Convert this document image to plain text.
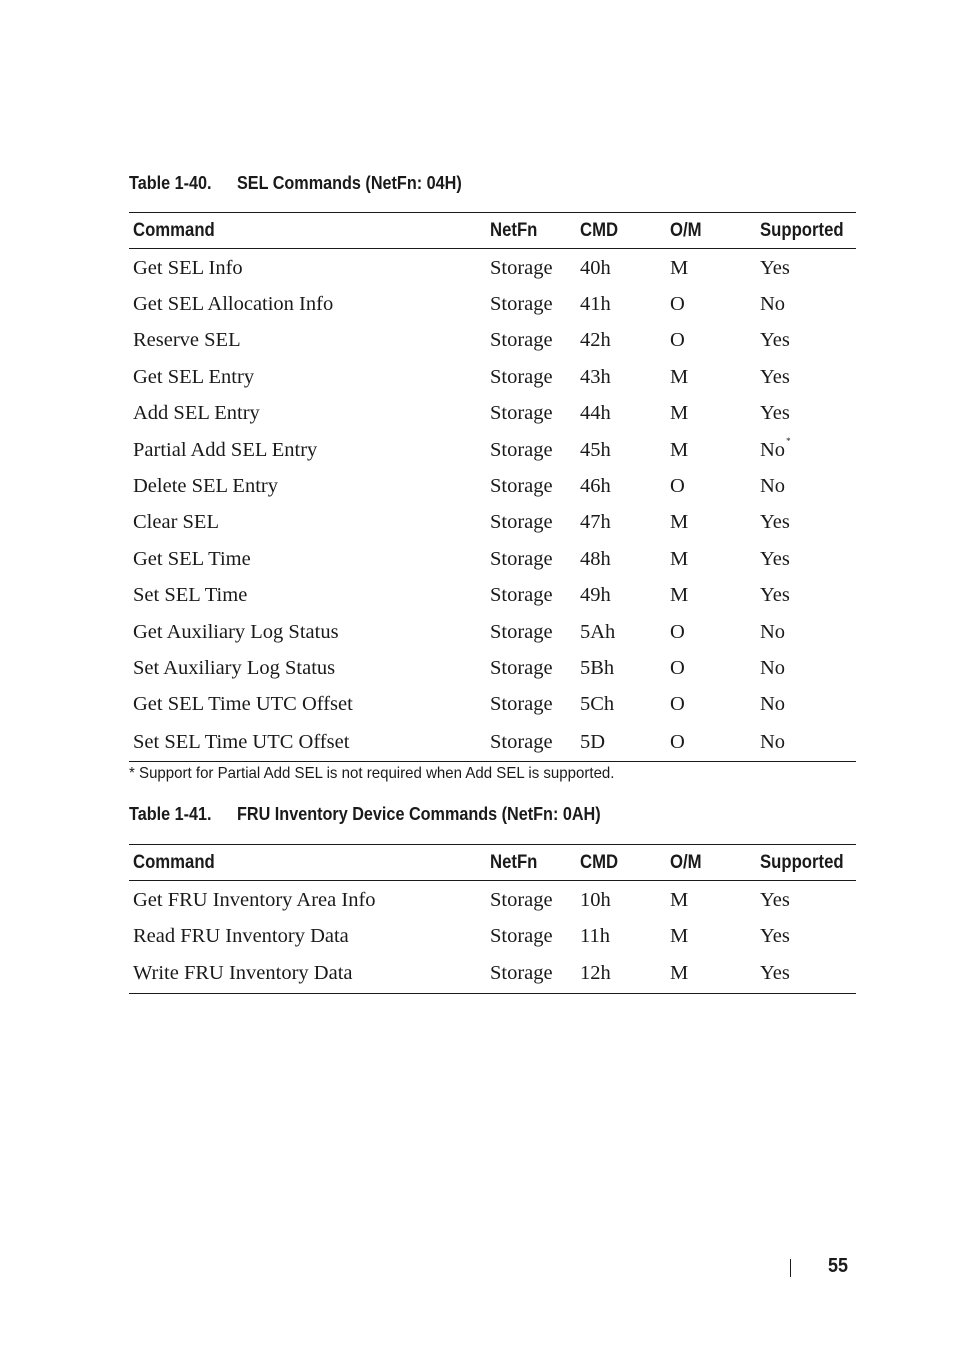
Table 1-40. SEL Commands (NetFn: 04H)
Command	NetFn	CMD	O/M	Supported
Get SEL Info	Storage	40h	M	Yes
Get SEL Allocation Info	Storage	41h	O	No
Reserve SEL	Storage	42h	O	Yes
Get SEL Entry	Storage	43h	M	Yes
Add SEL Entry	Storage	44h	M	Yes
Partial Add SEL Entry	Storage	45h	M	No*
Delete SEL Entry	Storage	46h	O	No
Clear SEL	Storage	47h	M	Yes
Get SEL Time	Storage	48h	M	Yes
Set SEL Time	Storage	49h	M	Yes
Get Auxiliary Log Status	Storage	5Ah	O	No
Set Auxiliary Log Status	Storage	5Bh	O	No
Get SEL Time UTC Offset	Storage	5Ch	O	No
Set SEL Time UTC Offset	Storage	5D	O	No
* Support for Partial Add SEL is not required when Add SEL is supported.
Table 1-41. FRU Inventory Device Commands (NetFn: 0AH)
Command	NetFn	CMD	O/M	Supported
Get FRU Inventory Area Info	Storage	10h	M	Yes
Read FRU Inventory Data	Storage	11h	M	Yes
Write FRU Inventory Data	Storage	12h	M	Yes
55
